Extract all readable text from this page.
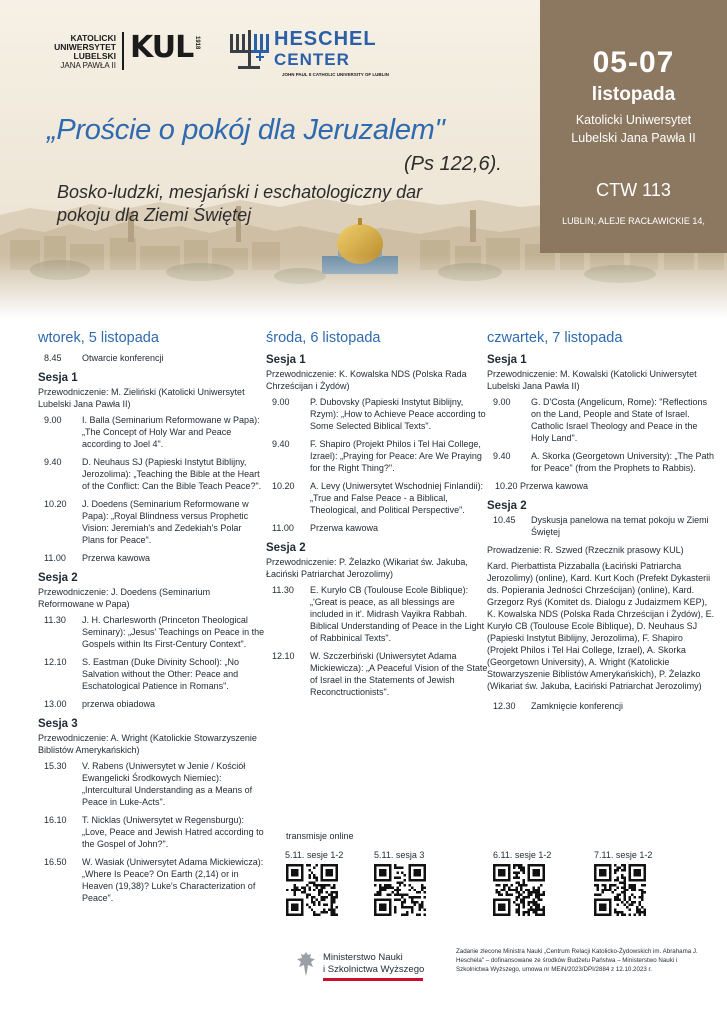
KATOLICKI
UNIWERSYTET
LUBELSKI
JANA PAWŁA II
KUL 1918	HESCHEL
CENTER
JOHN PAUL II CATHOLIC UNIVERSITY OF LUBLIN
„Proście o pokój dla Jeruzalem"
(Ps 122,6).
Bosko-ludzki, mesjański i eschatologiczny dar pokoju dla Ziemi Świętej
05-07
listopada
Katolicki Uniwersytet
Lubelski Jana Pawła II
CTW 113
LUBLIN, ALEJE RACŁAWICKIE 14,
wtorek, 5 listopada
8.45	Otwarcie konferencji
Sesja 1
Przewodniczenie: M. Zieliński (Katolicki Uniwersytet Lubelski Jana Pawła II)
9.00	I. Balla (Seminarium Reformowane w Papa): „The Concept of Holy War and Peace according to Joel 4".
9.40	D. Neuhaus SJ (Papieski Instytut Biblijny, Jerozolima): „Teaching the Bible at the Heart of the Conflict: Can the Bible Teach Peace?".
10.20	J. Doedens (Seminarium Reformowane w Papa): „Royal Blindness versus Prophetic Vision: Jeremiah's and Zedekiah's Polar Plans for Peace".
11.00	Przerwa kawowa
Sesja 2
Przewodniczenie: J. Doedens (Seminarium Reformowane w Papa)
11.30	J. H. Charlesworth (Princeton Theological Seminary): „Jesus' Teachings on Peace in the Gospels within Its First-Century Context".
12.10	S. Eastman (Duke Divinity School): „No Salvation without the Other: Peace and Eschatological Patience in Romans".
13.00	przerwa obiadowa
Sesja 3
Przewodniczenie: A. Wright (Katolickie Stowarzyszenie Biblistów Amerykańskich)
15.30	V. Rabens (Uniwersytet w Jenie / Kościół Ewangelicki Środkowych Niemiec): „Intercultural Understanding as a Means of Peace in Luke-Acts".
16.10	T. Nicklas (Uniwersytet w Regensburgu): „Love, Peace and Jewish Hatred according to the Gospel of John?".
16.50	W. Wasiak (Uniwersytet Adama Mickiewicza): „Where Is Peace? On Earth (2,14) or in Heaven (19,38)? Luke's Characterization of Peace".
środa, 6 listopada
Sesja 1
Przewodniczenie: K. Kowalska NDS (Polska Rada Chrześcijan i Żydów)
9.00	P. Dubovsky (Papieski Instytut Biblijny, Rzym): „How to Achieve Peace according to Some Selected Biblical Texts".
9.40	F. Shapiro (Projekt Philos i Tel Hai College, Izrael): „Praying for Peace: Are We Praying for the Right Thing?".
10.20	A. Levy (Uniwersytet Wschodniej Finlandii): „True and False Peace - a Biblical, Theological, and Political Perspective".
11.00	Przerwa kawowa
Sesja 2
Przewodniczenie: P. Żelazko (Wikariat św. Jakuba, Łaciński Patriarchat Jerozolimy)
11.30	E. Kuryło CB (Toulouse Ecole Biblique): „'Great is peace, as all blessings are included in it'. Midrash Vayikra Rabbah. Biblical Understanding of Peace in the Light of Rabbinical Texts".
12.10	W. Szczerbiński (Uniwersytet Adama Mickiewicza): „A Peaceful Vision of the State of Israel in the Statements of Jewish Reconctructionists".
czwartek, 7 listopada
Sesja 1
Przewodniczenie: M. Kowalski (Katolicki Uniwersytet Lubelski Jana Pawła II)
9.00	G. D'Costa (Angelicum, Rome): "Reflections on the Land, People and State of Israel. Catholic Israel Theology and Peace in the Holy Land".
9.40	A. Skorka (Georgetown University): „The Path for Peace" (from the Prophets to Rabbis).
10.20 Przerwa kawowa
Sesja 2
10.45	Dyskusja panelowa na temat pokoju w Ziemi Świętej
Prowadzenie: R. Szwed (Rzecznik prasowy KUL)
Kard. Pierbattista Pizzaballa (Łaciński Patriarcha Jerozolimy) (online), Kard. Kurt Koch (Prefekt Dykasterii ds. Popierania Jedności Chrześcijan) (online), Kard. Grzegorz Ryś (Komitet ds. Dialogu z Judaizmem KEP), K. Kowalska NDS (Polska Rada Chrześcijan i Żydów), E. Kuryło CB (Toulouse Ecole Biblique), D. Neuhaus SJ (Papieski Instytut Biblijny, Jerozolima), F. Shapiro (Projekt Philos i Tel Hai College, Izrael), A. Skorka (Georgetown University), A. Wright (Katolickie Stowarzyszenie Biblistów Amerykańskich), P. Żelazko (Wikariat św. Jakuba, Łaciński Patriarchat Jerozolimy)
12.30	Zamknięcie konferencji
transmisje online
5.11. sesje 1-2	5.11. sesja 3	6.11. sesje 1-2	7.11. sesje 1-2
Ministerstwo Nauki
i Szkolnictwa Wyższego
Zadanie zlecone Ministra Nauki „Centrum Relacji Katolicko-Żydowskich im. Abrahama J. Heschela" – dofinansowane ze środków Budżetu Państwa – Ministerstwo Nauki i Szkolnictwa Wyższego, umowa nr MEiN/2023/DPI/2884 z 12.10.2023 r.
